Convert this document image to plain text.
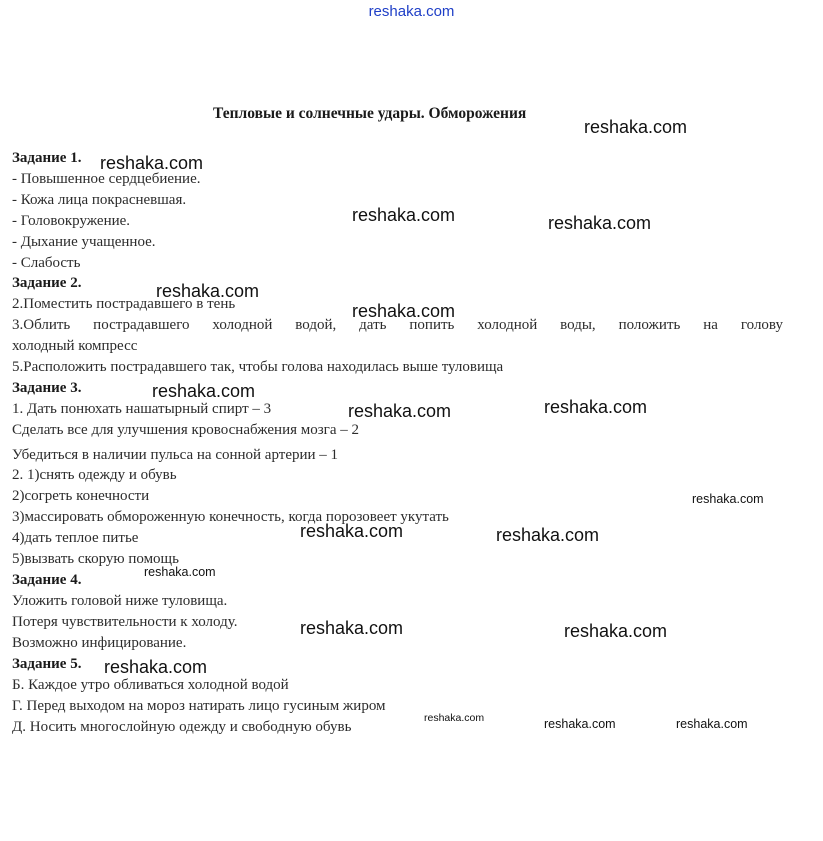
reshaka.com
Тепловые и солнечные удары. Обморожения
Задание 1.
- Повышенное сердцебиение.
- Кожа лица покрасневшая.
- Головокружение.
- Дыхание учащенное.
- Слабость
Задание 2.
2.Поместить пострадавшего в тень
3.Облить пострадавшего холодной водой, дать попить холодной воды, положить на голову
холодный компресс
5.Расположить пострадавшего так, чтобы голова находилась выше туловища
Задание 3.
1. Дать понюхать нашатырный спирт – 3
Сделать все для улучшения кровоснабжения мозга – 2
Убедиться в наличии пульса на сонной артерии – 1
2. 1)снять одежду и обувь
2)согреть конечности
3)массировать обмороженную конечность, когда порозовеет укутать
4)дать теплое питье
5)вызвать скорую помощь
Задание 4.
Уложить головой ниже туловища.
Потеря чувствительности к холоду.
Возможно инфицирование.
Задание 5.
Б. Каждое утро обливаться холодной водой
Г. Перед выходом на мороз натирать лицо гусиным жиром
Д. Носить многослойную одежду и свободную обувь
reshaka.com
reshaka.com
reshaka.com	reshaka.com
reshaka.com
reshaka.com
reshaka.com
reshaka.com	reshaka.com
reshaka.com
reshaka.com	reshaka.com
reshaka.com
reshaka.com	reshaka.com
reshaka.com
reshaka.com	reshaka.com	reshaka.com
